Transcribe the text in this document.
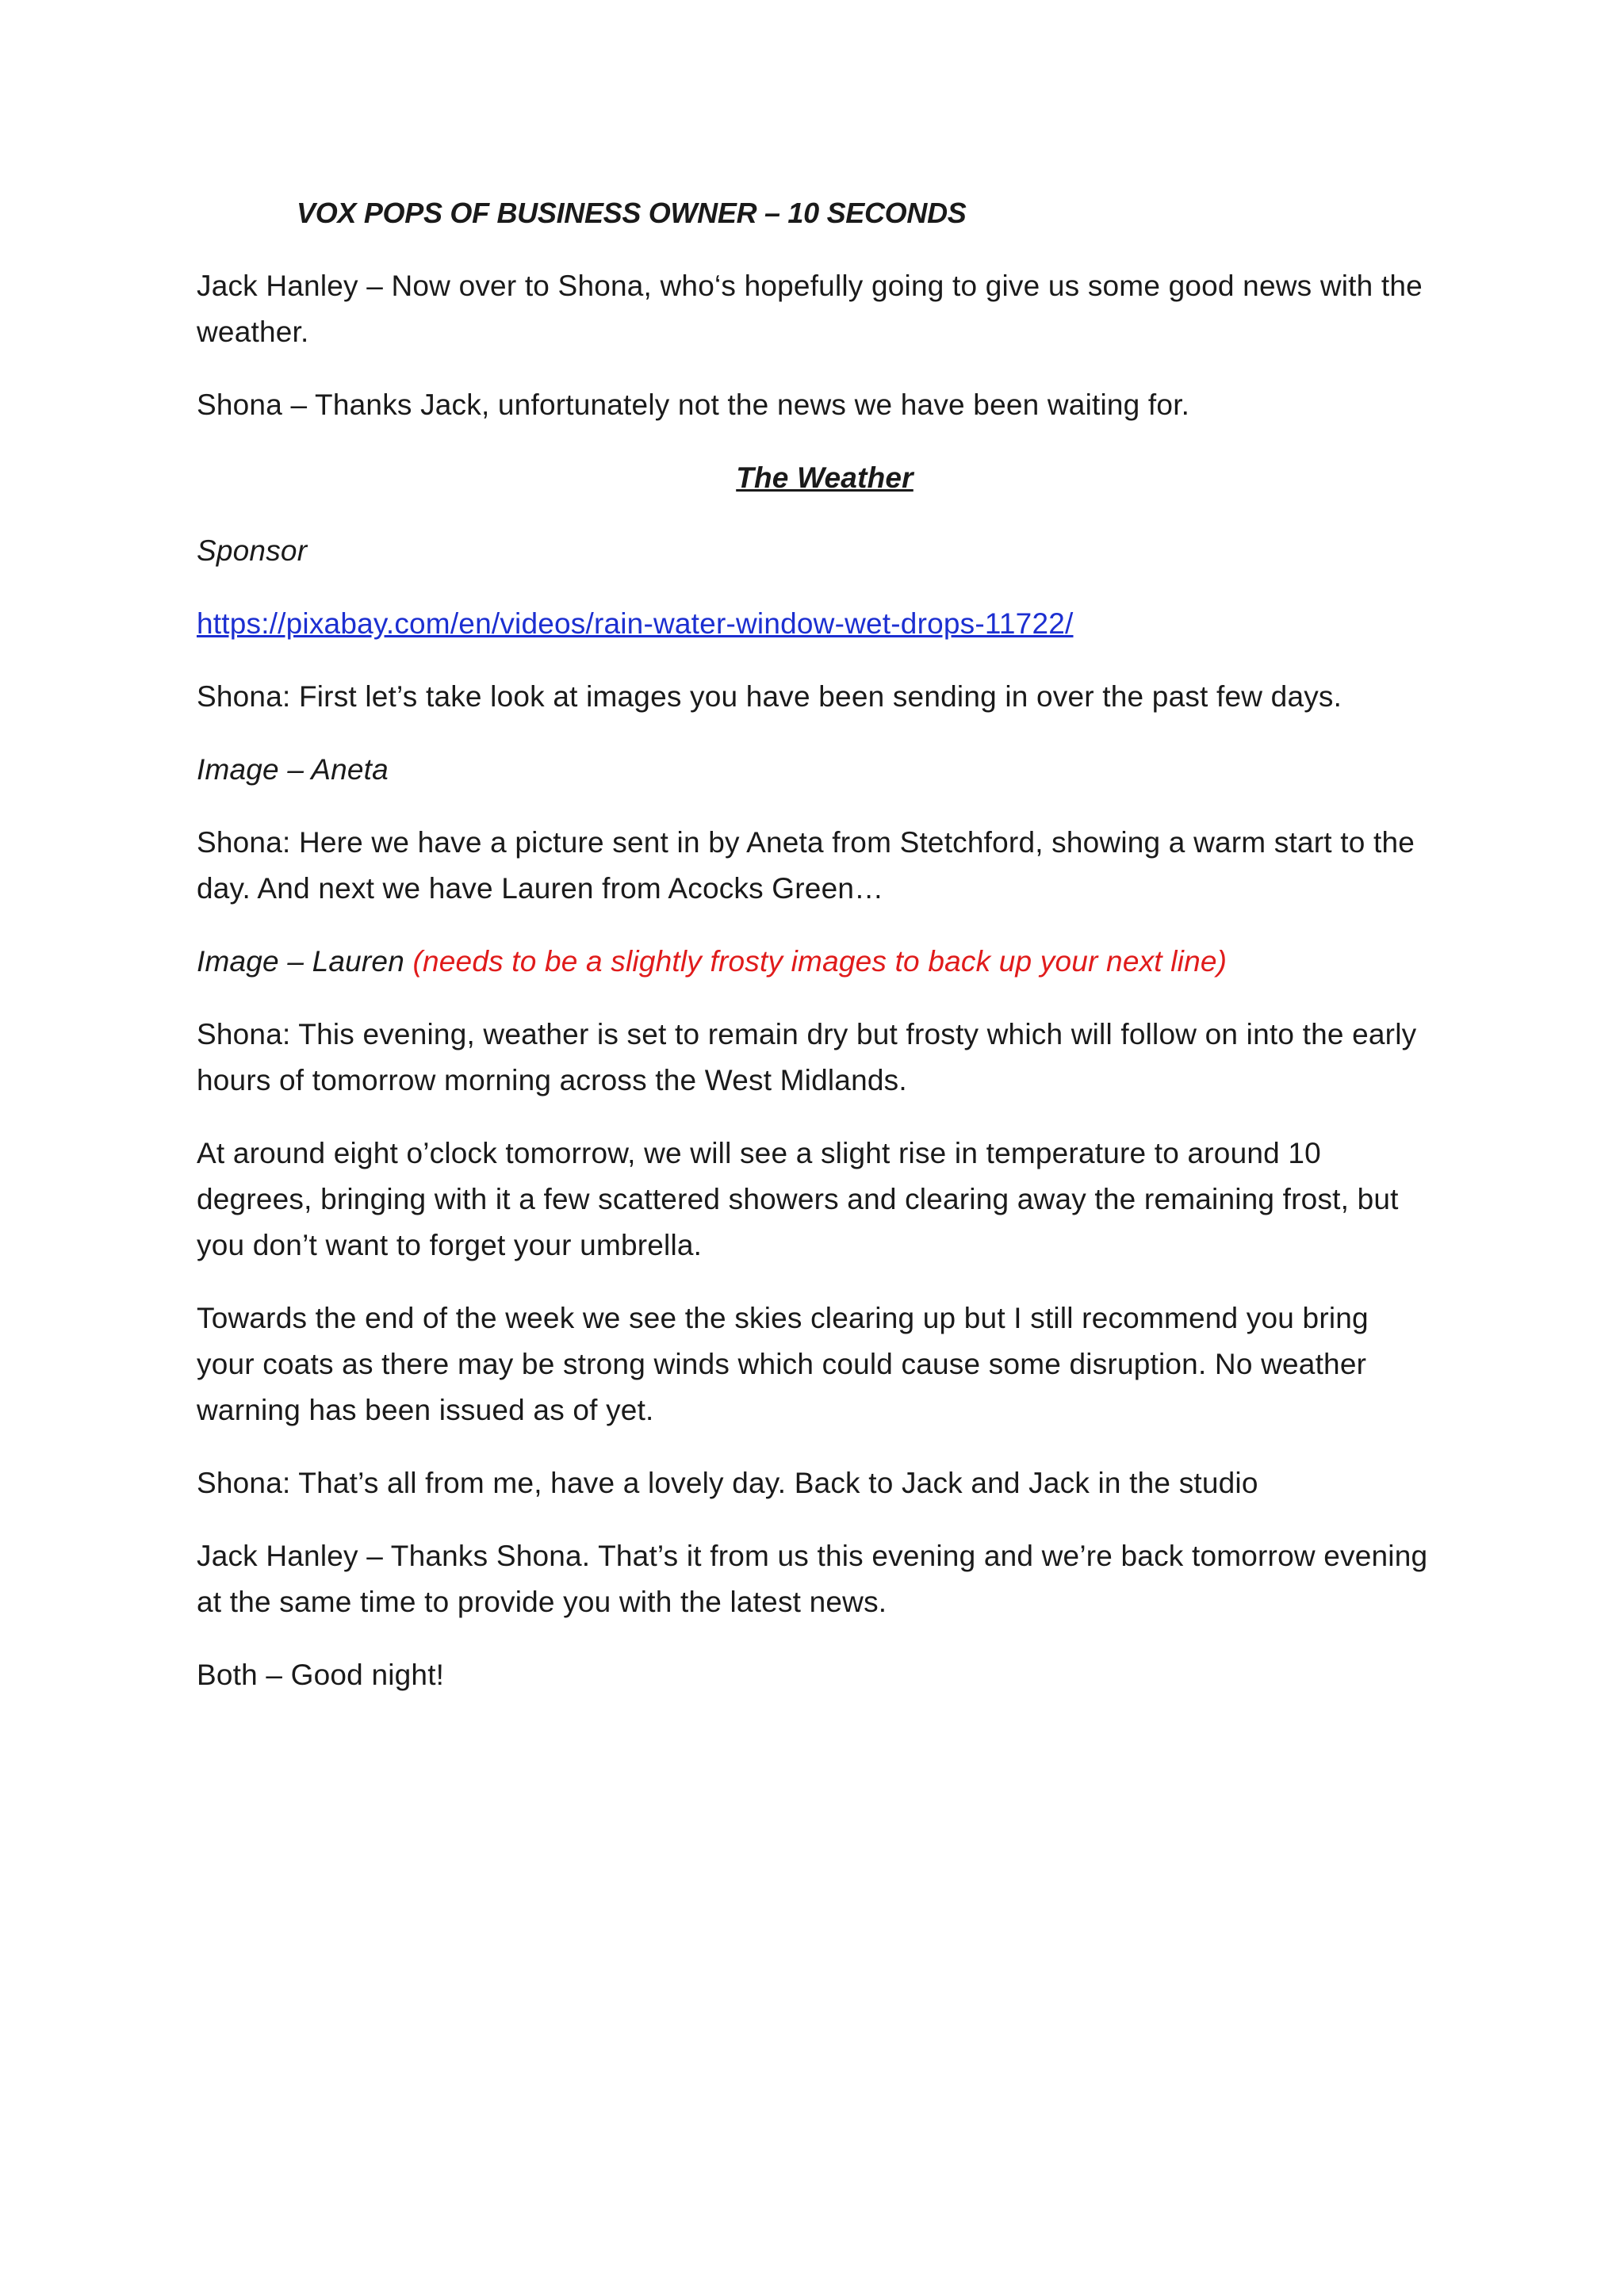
VOX POPS OF BUSINESS OWNER – 10 SECONDS

Jack Hanley – Now over to Shona, who‘s hopefully going to give us some good news with the weather.

Shona – Thanks Jack, unfortunately not the news we have been waiting for.

The Weather

Sponsor

https://pixabay.com/en/videos/rain-water-window-wet-drops-11722/

Shona: First let’s take look at images you have been sending in over the past few days.

Image – Aneta

Shona: Here we have a picture sent in by Aneta from Stetchford, showing a warm start to the day. And next we have Lauren from Acocks Green…

Image – Lauren (needs to be a slightly frosty images to back up your next line)

Shona: This evening, weather is set to remain dry but frosty which will follow on into the early hours of tomorrow morning across the West Midlands.

At around eight o’clock tomorrow, we will see a slight rise in temperature to around 10 degrees, bringing with it a few scattered showers and clearing away the remaining frost, but you don’t want to forget your umbrella.

Towards the end of the week we see the skies clearing up but I still recommend you bring your coats as there may be strong winds which could cause some disruption. No weather warning has been issued as of yet.

Shona: That’s all from me, have a lovely day. Back to Jack and Jack in the studio

Jack Hanley – Thanks Shona. That’s it from us this evening and we’re back tomorrow evening at the same time to provide you with the latest news.

Both – Good night!
